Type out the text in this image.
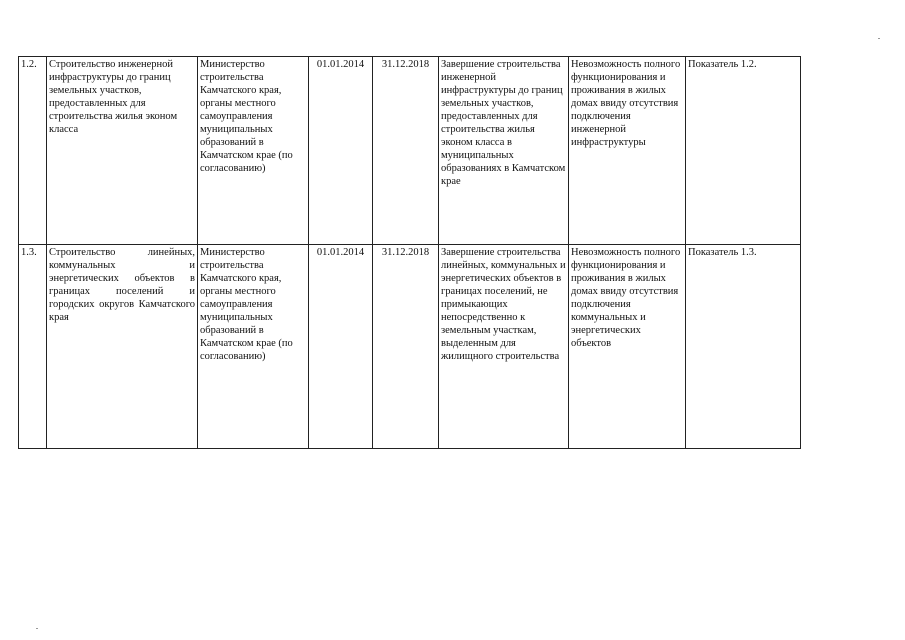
1.2.	Строительство инженерной инфраструктуры до границ земельных участков, предоставленных для строительства жилья эконом класса	Министерство строительства Камчатского края, органы местного самоуправления муниципальных образований в Камчатском крае (по согласованию)	01.01.2014	31.12.2018	Завершение строительства инженерной инфраструктуры до границ земельных участков, предоставленных для строительства жилья эконом класса в муниципальных образованиях в Камчатском крае	Невозможность полного функционирования и проживания в жилых домах ввиду отсутствия подключения инженерной инфраструктуры	Показатель 1.2.
1.3.	Строительство линейных, коммунальных и энергетических объектов в границах поселений и городских округов Камчатского края	Министерство строительства Камчатского края, органы местного самоуправления муниципальных образований в Камчатском крае (по согласованию)	01.01.2014	31.12.2018	Завершение строительства линейных, коммунальных и энергетических объектов в границах поселений, не примыкающих непосредственно к земельным участкам, выделенным для жилищного строительства	Невозможность полного функционирования и проживания в жилых домах ввиду отсутствия подключения коммунальных и энергетических объектов	Показатель 1.3.
